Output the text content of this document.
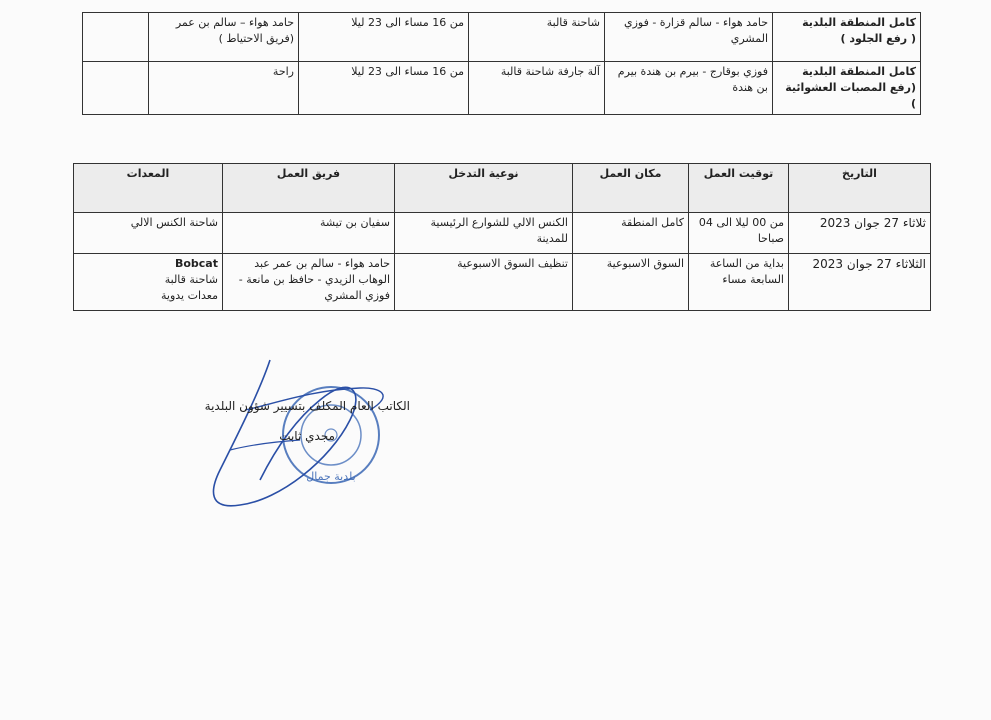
كامل المنطقة البلدية
( رفع الجلود )	حامد هواء - سالم قزارة - فوزي المشري	شاحنة قالبة	من 16 مساء الى 23 ليلا	حامد هواء – سالم بن عمر (فريق الاحتياط )	

كامل المنطقة البلدية
(رفع المصبات العشوائية )	فوزي بوقارج - بيرم بن هندة بيرم بن هندة	آلة جارفة شاحنة قالبة	من 16 مساء الى 23 ليلا	راحة	
التاريخ	توقيت العمل	مكان العمل	نوعية التدخل	فريق العمل	المعدات
ثلاثاء 27 جوان 2023	من 00 ليلا الى 04 صباحا	كامل المنطقة	الكنس الالي للشوارع الرئيسية للمدينة	سفيان بن تيشة	شاحنة الكنس الالي
الثلاثاء 27 جوان 2023	بداية من الساعة السابعة مساء	السوق الاسبوعية	تنظيف السوق الاسبوعية	حامد هواء - سالم بن عمر عبد الوهاب الزيدي - حافظ بن مانعة - فوزي المشري	Bobcat
شاحنة قالبة
معدات يدوية
بلدية جمال
الكاتب العام المكلف بتسيير شؤون البلدية
مجدي ثابت
